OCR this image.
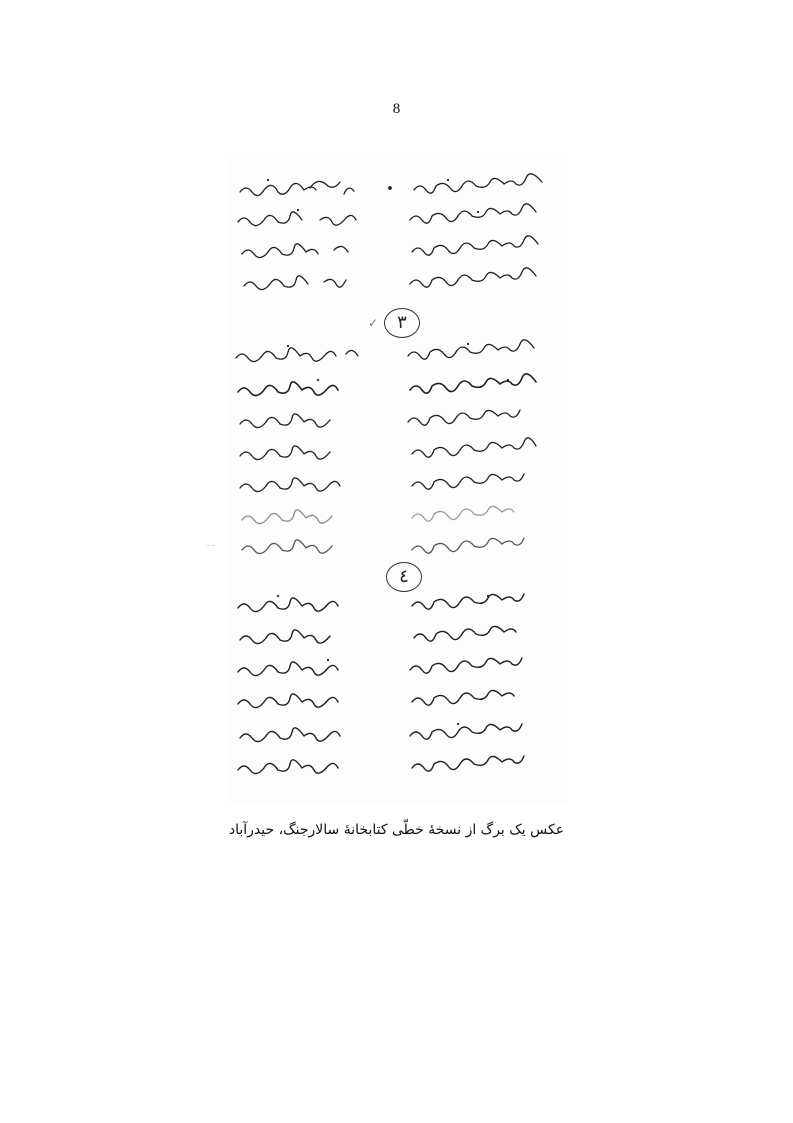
8
٣
✓
٤
⁻⁻
عکس یک برگ از نسخهٔ خطّی کتابخانهٔ سالارجنگ، حیدرآباد
